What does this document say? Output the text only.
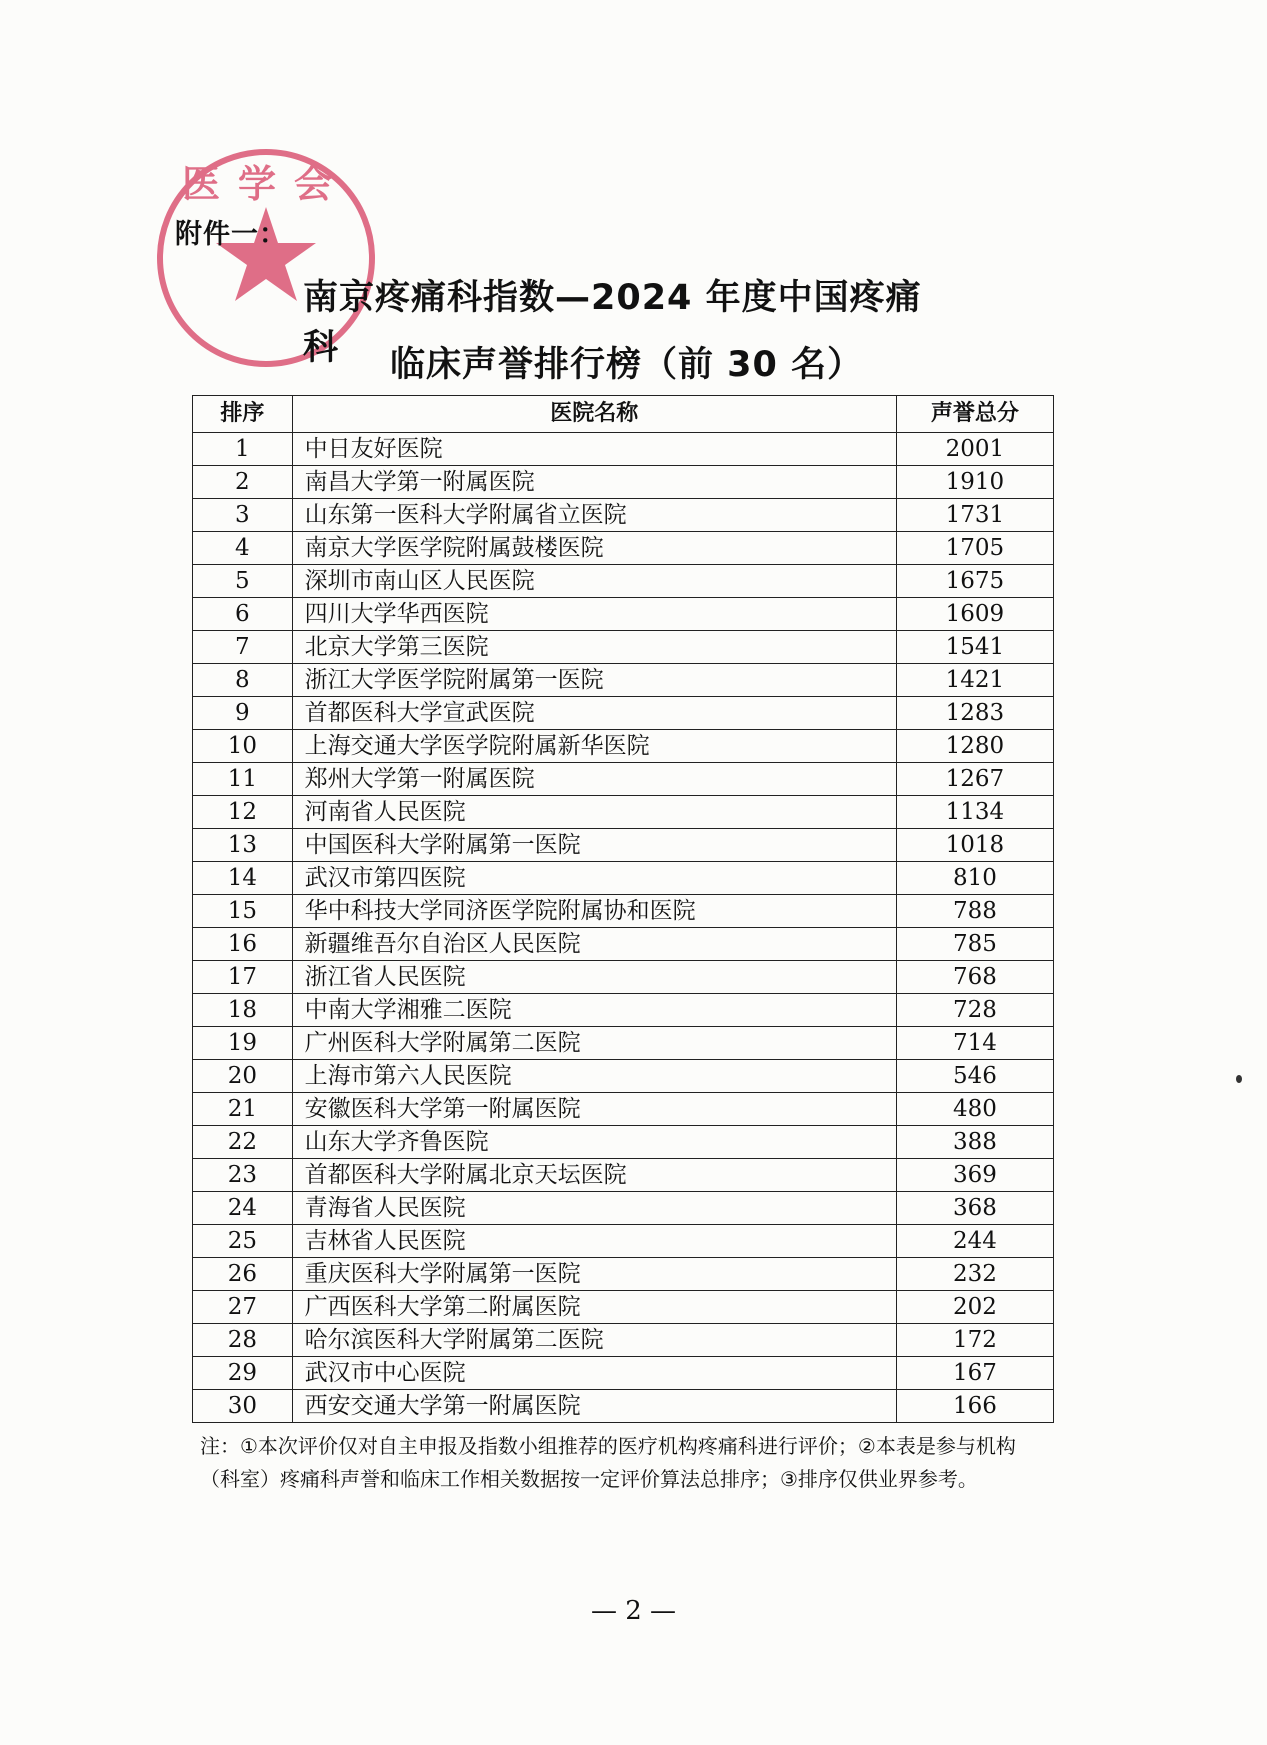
医学会
附件一：
南京疼痛科指数—2024 年度中国疼痛科	临床声誉排行榜（前 30 名）
排序	医院名称	声誉总分
1	中日友好医院	2001
2	南昌大学第一附属医院	1910
3	山东第一医科大学附属省立医院	1731
4	南京大学医学院附属鼓楼医院	1705
5	深圳市南山区人民医院	1675
6	四川大学华西医院	1609
7	北京大学第三医院	1541
8	浙江大学医学院附属第一医院	1421
9	首都医科大学宣武医院	1283
10	上海交通大学医学院附属新华医院	1280
11	郑州大学第一附属医院	1267
12	河南省人民医院	1134
13	中国医科大学附属第一医院	1018
14	武汉市第四医院	810
15	华中科技大学同济医学院附属协和医院	788
16	新疆维吾尔自治区人民医院	785
17	浙江省人民医院	768
18	中南大学湘雅二医院	728
19	广州医科大学附属第二医院	714
20	上海市第六人民医院	546
21	安徽医科大学第一附属医院	480
22	山东大学齐鲁医院	388
23	首都医科大学附属北京天坛医院	369
24	青海省人民医院	368
25	吉林省人民医院	244
26	重庆医科大学附属第一医院	232
27	广西医科大学第二附属医院	202
28	哈尔滨医科大学附属第二医院	172
29	武汉市中心医院	167
30	西安交通大学第一附属医院	166
注：①本次评价仅对自主申报及指数小组推荐的医疗机构疼痛科进行评价；②本表是参与机构（科室）疼痛科声誉和临床工作相关数据按一定评价算法总排序；③排序仅供业界参考。
— 2 —
